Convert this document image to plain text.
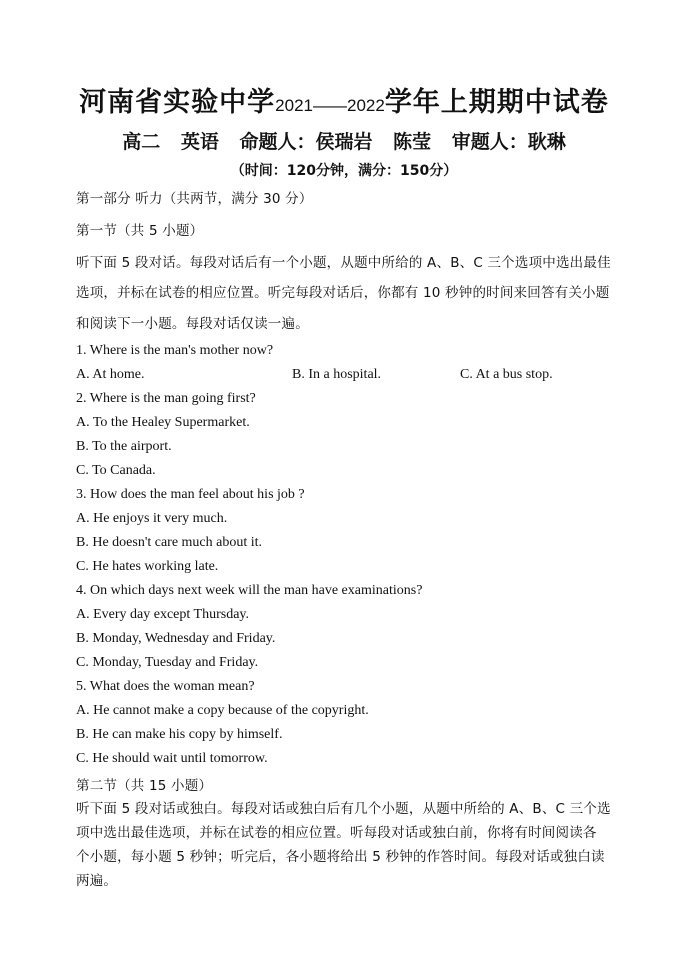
河南省实验中学2021——2022学年上期期中试卷
高二 英语 命题人：侯瑞岩 陈莹 审题人：耿琳
（时间：120分钟，满分：150分）
第一部分 听力（共两节，满分 30 分）
第一节（共 5 小题）
听下面 5 段对话。每段对话后有一个小题，从题中所给的 A、B、C 三个选项中选出最佳
选项，并标在试卷的相应位置。听完每段对话后，你都有 10 秒钟的时间来回答有关小题
和阅读下一小题。每段对话仅读一遍。
1. Where is the man's mother now?
A. At home.	B. In a hospital.	C. At a bus stop.
2. Where is the man going first?
A. To the Healey Supermarket.
B. To the airport.
C. To Canada.
3. How does the man feel about his job ?
A. He enjoys it very much.
B. He doesn't care much about it.
C. He hates working late.
4. On which days next week will the man have examinations?
A. Every day except Thursday.
B. Monday, Wednesday and Friday.
C. Monday, Tuesday and Friday.
5. What does the woman mean?
A. He cannot make a copy because of the copyright.
B. He can make his copy by himself.
C. He should wait until tomorrow.
第二节（共 15 小题）
听下面 5 段对话或独白。每段对话或独白后有几个小题，从题中所给的 A、B、C 三个选
项中选出最佳选项，并标在试卷的相应位置。听每段对话或独白前，你将有时间阅读各
个小题，每小题 5 秒钟；听完后，各小题将给出 5 秒钟的作答时间。每段对话或独白读
两遍。
